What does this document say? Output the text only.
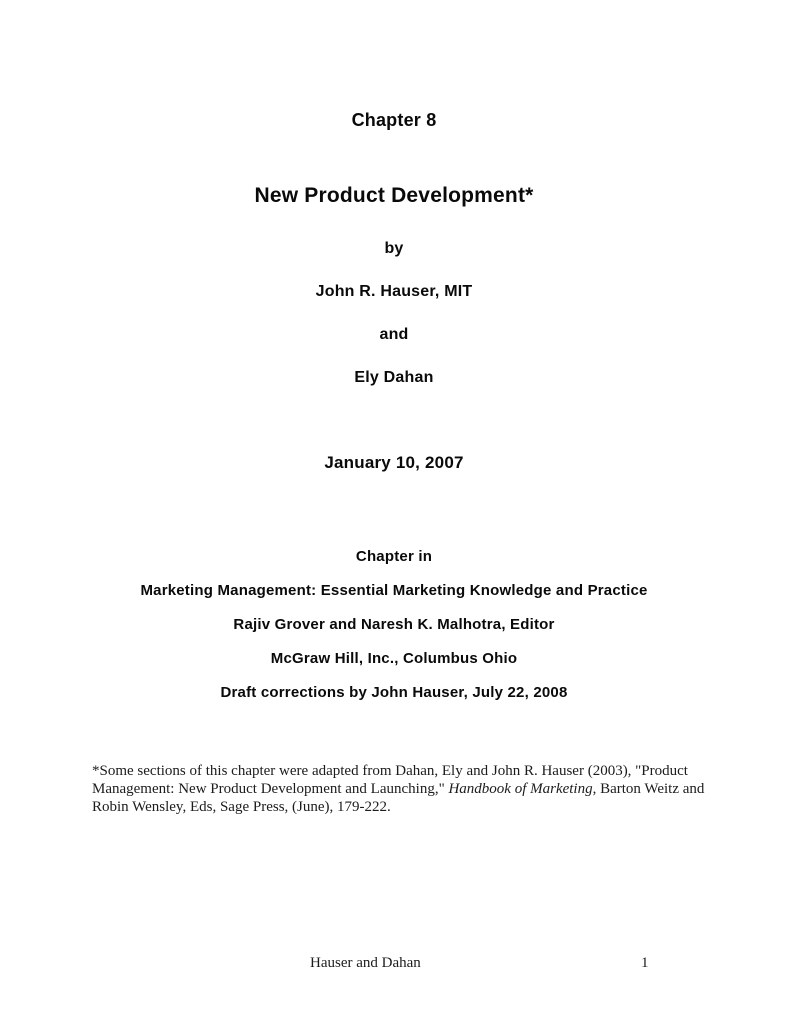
Chapter 8
New Product Development*
by
John R. Hauser, MIT
and
Ely Dahan
January 10, 2007
Chapter in
Marketing Management: Essential Marketing Knowledge and Practice
Rajiv Grover and Naresh K. Malhotra, Editor
McGraw Hill, Inc., Columbus Ohio
Draft corrections by John Hauser, July 22, 2008

*Some sections of this chapter were adapted from Dahan, Ely and John R. Hauser (2003), "Product Management: New Product Development and Launching," Handbook of Marketing, Barton Weitz and Robin Wensley, Eds, Sage Press, (June), 179-222.

Hauser and Dahan	1
